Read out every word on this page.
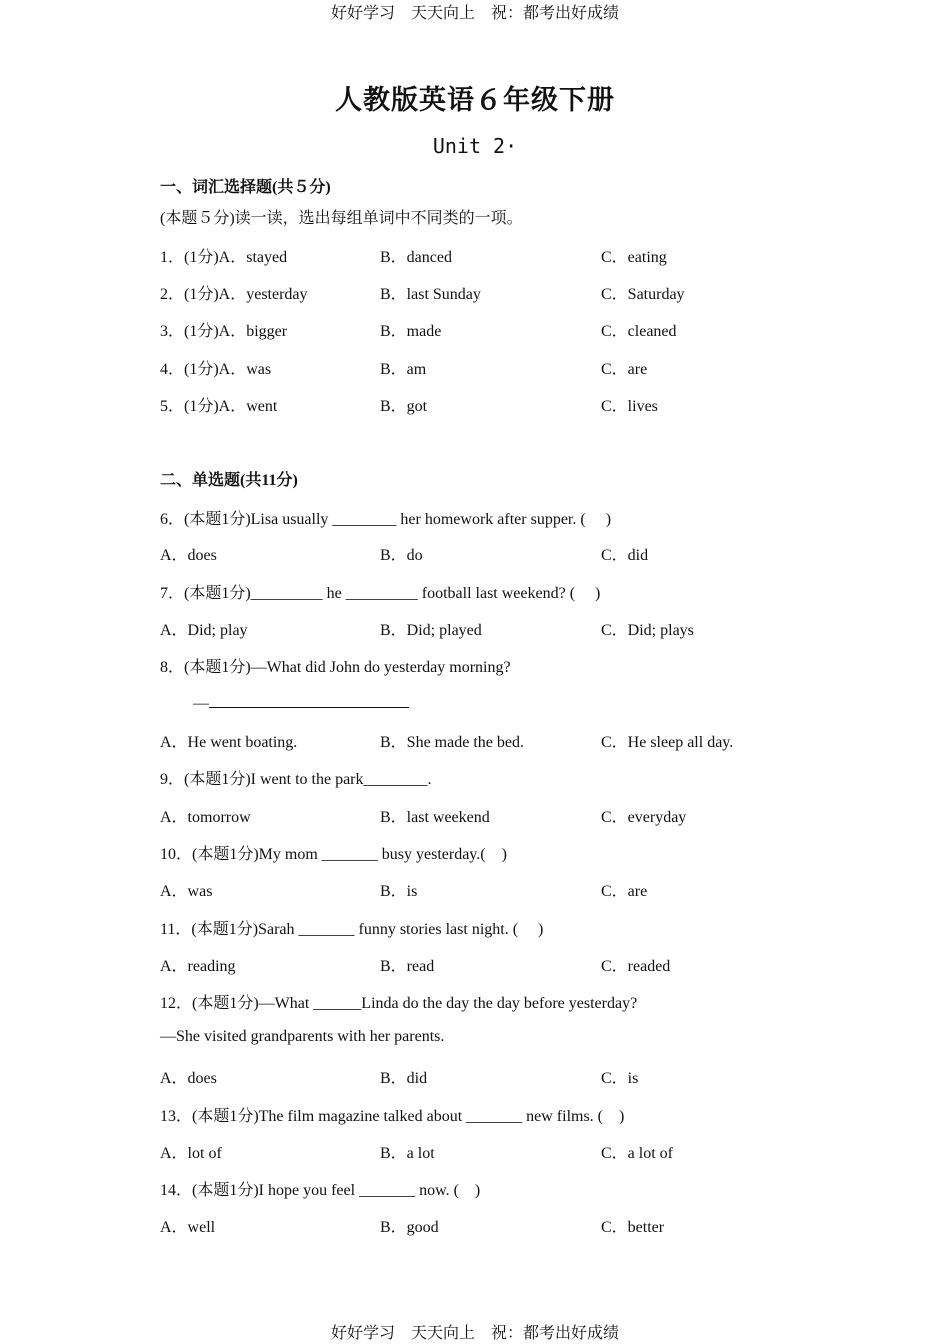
好好学习　天天向上　祝：都考出好成绩
人教版英语６年级下册
Unit 2·
一、词汇选择题(共５分)
(本题５分)读一读，选出每组单词中不同类的一项。
1．(1分)A．stayed	B．danced	C．eating
2．(1分)A．yesterday	B．last Sunday	C．Saturday
3．(1分)A．bigger	B．made	C．cleaned
4．(1分)A．was	B．am	C．are
5．(1分)A．went	B．got	C．lives
二、单选题(共11分)
6．(本题1分)Lisa usually ________ her homework after supper. (　 )
A．does	B．do	C．did
7．(本题1分)_________ he _________ football last weekend? (　 )
A．Did; play	B．Did; played	C．Did; plays
8．(本题1分)—What did John do yesterday morning?
—
A．He went boating.	B．She made the bed.	C．He sleep all day.
9．(本题1分)I went to the park________.
A．tomorrow	B．last weekend	C．everyday
10．(本题1分)My mom _______ busy yesterday.(　)
A．was	B．is	C．are
11．(本题1分)Sarah _______ funny stories last night. (　 )
A．reading	B．read	C．readed
12．(本题1分)—What ______Linda do the day the day before yesterday?
—She visited grandparents with her parents.
A．does	B．did	C．is
13．(本题1分)The film magazine talked about _______ new films. (　)
A．lot of	B．a lot	C．a lot of
14．(本题1分)I hope you feel _______ now. (　)
A．well	B．good	C．better
好好学习　天天向上　祝：都考出好成绩
